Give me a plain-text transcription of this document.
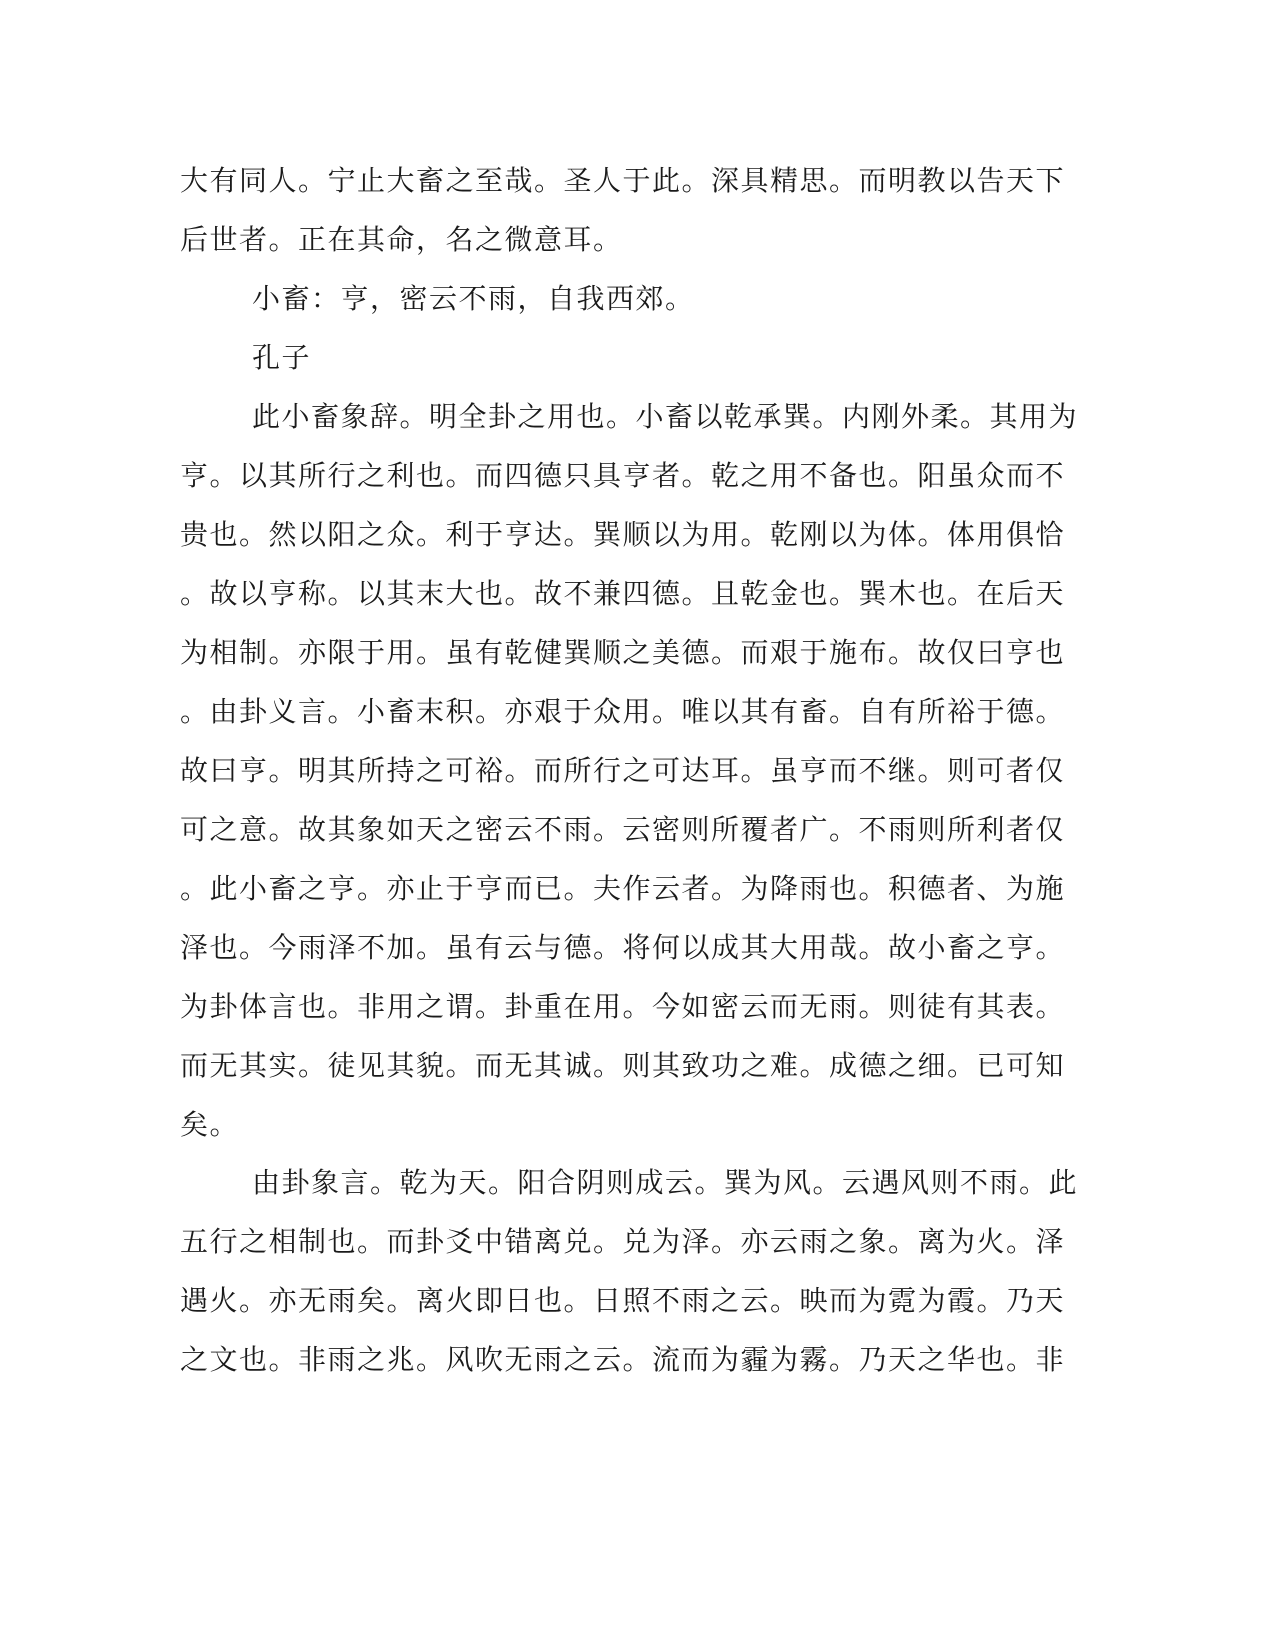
大有同人。宁止大畜之至哉。圣人于此。深具精思。而明教以告天下
后世者。正在其命，名之微意耳。
小畜：亨，密云不雨，自我西郊。
孔子
此小畜象辞。明全卦之用也。小畜以乾承巽。内刚外柔。其用为
亨。以其所行之利也。而四德只具亨者。乾之用不备也。阳虽众而不
贵也。然以阳之众。利于亨达。巽顺以为用。乾刚以为体。体用俱恰
。故以亨称。以其末大也。故不兼四德。且乾金也。巽木也。在后天
为相制。亦限于用。虽有乾健巽顺之美德。而艰于施布。故仅曰亨也
。由卦义言。小畜末积。亦艰于众用。唯以其有畜。自有所裕于德。
故曰亨。明其所持之可裕。而所行之可达耳。虽亨而不继。则可者仅
可之意。故其象如天之密云不雨。云密则所覆者广。不雨则所利者仅
。此小畜之亨。亦止于亨而已。夫作云者。为降雨也。积德者、为施
泽也。今雨泽不加。虽有云与德。将何以成其大用哉。故小畜之亨。
为卦体言也。非用之谓。卦重在用。今如密云而无雨。则徒有其表。
而无其实。徒见其貌。而无其诚。则其致功之难。成德之细。已可知
矣。
由卦象言。乾为天。阳合阴则成云。巽为风。云遇风则不雨。此
五行之相制也。而卦爻中错离兑。兑为泽。亦云雨之象。离为火。泽
遇火。亦无雨矣。离火即日也。日照不雨之云。映而为霓为霞。乃天
之文也。非雨之兆。风吹无雨之云。流而为霾为霧。乃天之华也。非
